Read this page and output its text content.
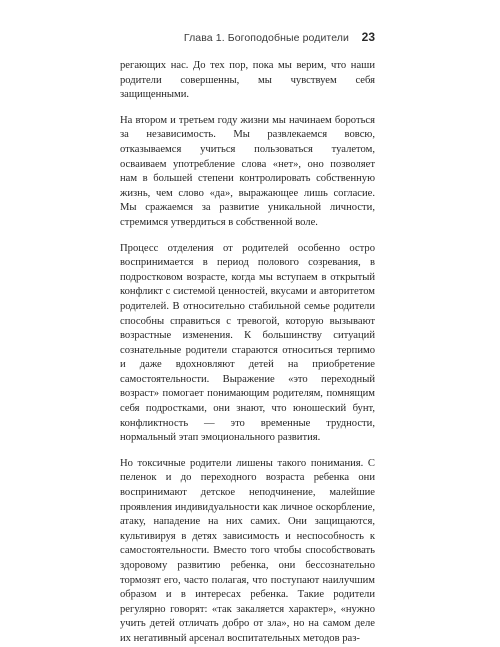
Глава 1. Богоподобные родители 23

регающих нас. До тех пор, пока мы верим, что наши родители совершенны, мы чувствуем себя защищенными.

На втором и третьем году жизни мы начинаем бороться за независимость. Мы развлекаемся вовсю, отказываемся учиться пользоваться туалетом, осваиваем употребление слова «нет», оно позволяет нам в большей степени контролировать собственную жизнь, чем слово «да», выражающее лишь согласие. Мы сражаемся за развитие уникальной личности, стремимся утвердиться в собственной воле.

Процесс отделения от родителей особенно остро воспринимается в период полового созревания, в подростковом возрасте, когда мы вступаем в открытый конфликт с системой ценностей, вкусами и авторитетом родителей. В относительно стабильной семье родители способны справиться с тревогой, которую вызывают возрастные изменения. К большинству ситуаций сознательные родители стараются относиться терпимо и даже вдохновляют детей на приобретение самостоятельности. Выражение «это переходный возраст» помогает понимающим родителям, помнящим себя подростками, они знают, что юношеский бунт, конфликтность — это временные трудности, нормальный этап эмоционального развития.

Но токсичные родители лишены такого понимания. С пеленок и до переходного возраста ребенка они воспринимают детское неподчинение, малейшие проявления индивидуальности как личное оскорбление, атаку, нападение на них самих. Они защищаются, культивируя в детях зависимость и неспособность к самостоятельности. Вместо того чтобы способствовать здоровому развитию ребенка, они бессознательно тормозят его, часто полагая, что поступают наилучшим образом и в интересах ребенка. Такие родители регулярно говорят: «так закаляется характер», «нужно учить детей отличать добро от зла», но на самом деле их негативный арсенал воспитательных методов раз-
